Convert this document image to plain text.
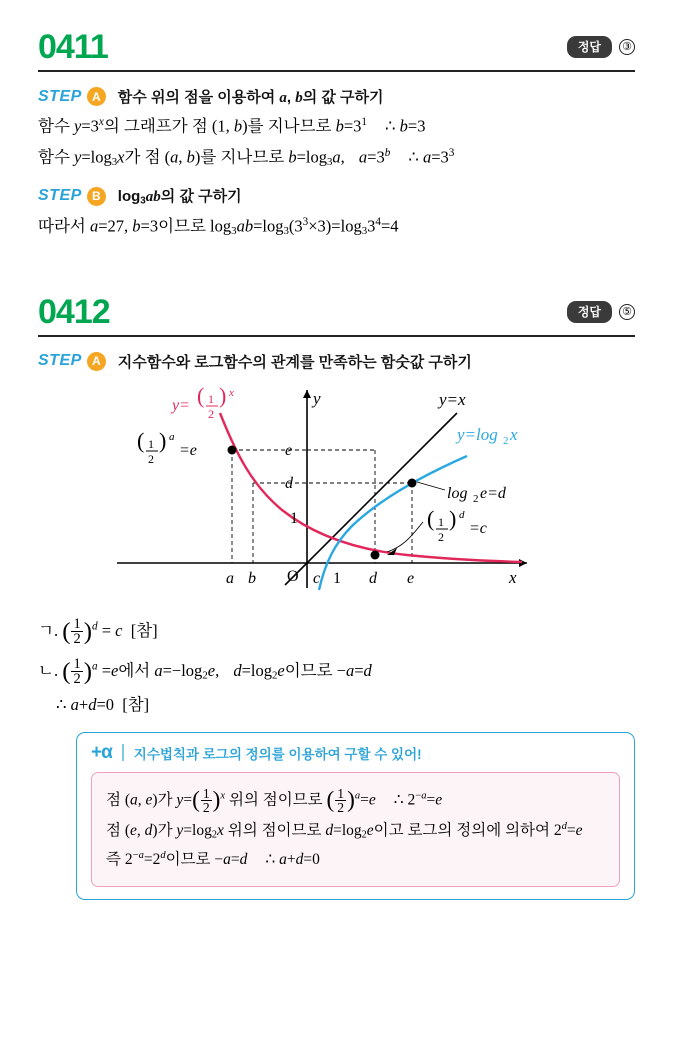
0411	정답	③
STEP A	함수 위의 점을 이용하여 a, b의 값 구하기
함수 $y=3^x$의 그래프가 점 (1, b)를 지나므로 $b=3^1$ ∴ b=3
함수 $y=\log_3x$가 점 (a, b)를 지나므로 $b=\log_3a$, $a=3^b$ ∴ $a=3^3$
STEP B	$\log_3ab$의 값 구하기
따라서 a=27, b=3이므로 $\log_3ab=\log_3(3^3\times 3)=\log_33^4=4$
0412	정답	⑤
STEP A	지수함수와 로그함수의 관계를 만족하는 함숫값 구하기
y= ( 1
2
) x	y=x
y=log 2 x
( 1
2
) a
=e
log 2 e=d
( 1
2
) d
=c
e
d
1
O
a b	c 1 d e	x
y
ㄱ. ( $\frac{1}{2} )^d = c$  [참]
ㄴ. ( $\frac{1}{2} )^a =e$에서 $a=-\log_2e$, $d=\log_2e$이므로 −a=d
∴ a+d=0  [참]
+α 지수법칙과 로그의 정의를 이용하여 구할 수 있어!
점 (a, e)가 $y=( \frac{1}{2} )^x$ 위의 점이므로 ( $\frac{1}{2} )^a=e$ ∴ $2^{-a}=e$
점 (e, d)가 $y=\log_2x$ 위의 점이므로 $d=\log_2e$이고 로그의 정의에 의하여 $2^d=e$
즉 $2^{-a}=2^d$이므로 −a=d ∴ a+d=0
